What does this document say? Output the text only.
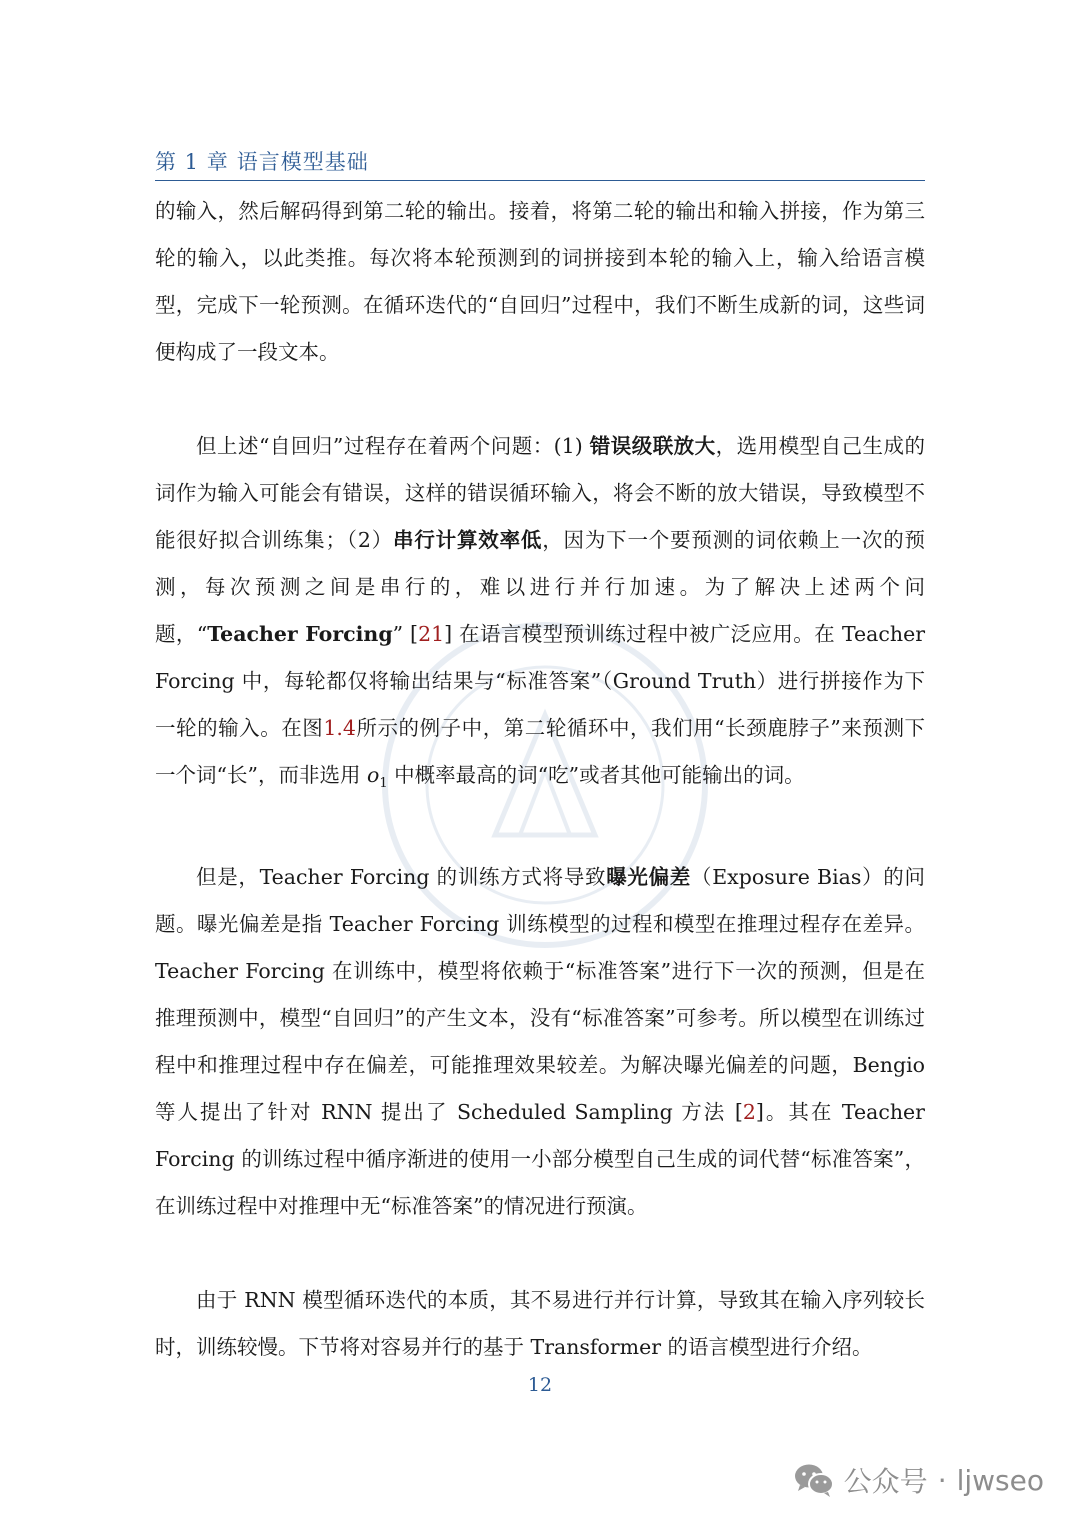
第 1 章 语言模型基础

的输入，然后解码得到第二轮的输出。接着，将第二轮的输出和输入拼接，作为第三轮的输入，以此类推。每次将本轮预测到的词拼接到本轮的输入上，输入给语言模型，完成下一轮预测。在循环迭代的“自回归”过程中，我们不断生成新的词，这些词便构成了一段文本。

但上述“自回归”过程存在着两个问题：(1) 错误级联放大，选用模型自己生成的词作为输入可能会有错误，这样的错误循环输入，将会不断的放大错误，导致模型不能很好拟合训练集；（2）串行计算效率低，因为下一个要预测的词依赖上一次的预测，每次预测之间是串行的，难以进行并行加速。为了解决上述两个问题，“Teacher Forcing” [21] 在语言模型预训练过程中被广泛应用。在 Teacher Forcing 中，每轮都仅将输出结果与“标准答案”（Ground Truth）进行拼接作为下一轮的输入。在图1.4所示的例子中，第二轮循环中，我们用“长颈鹿脖子”来预测下一个词“长”，而非选用 $o_1$ 中概率最高的词“吃”或者其他可能输出的词。

但是，Teacher Forcing 的训练方式将导致曝光偏差（Exposure Bias）的问题。曝光偏差是指 Teacher Forcing 训练模型的过程和模型在推理过程存在差异。Teacher Forcing 在训练中，模型将依赖于“标准答案”进行下一次的预测，但是在推理预测中，模型“自回归”的产生文本，没有“标准答案”可参考。所以模型在训练过程中和推理过程中存在偏差，可能推理效果较差。为解决曝光偏差的问题，Bengio 等人提出了针对 RNN 提出了 Scheduled Sampling 方法 [2]。其在 Teacher Forcing 的训练过程中循序渐进的使用一小部分模型自己生成的词代替“标准答案”，在训练过程中对推理中无“标准答案”的情况进行预演。

由于 RNN 模型循环迭代的本质，其不易进行并行计算，导致其在输入序列较长时，训练较慢。下节将对容易并行的基于 Transformer 的语言模型进行介绍。

12
公众号 · ljwseo
